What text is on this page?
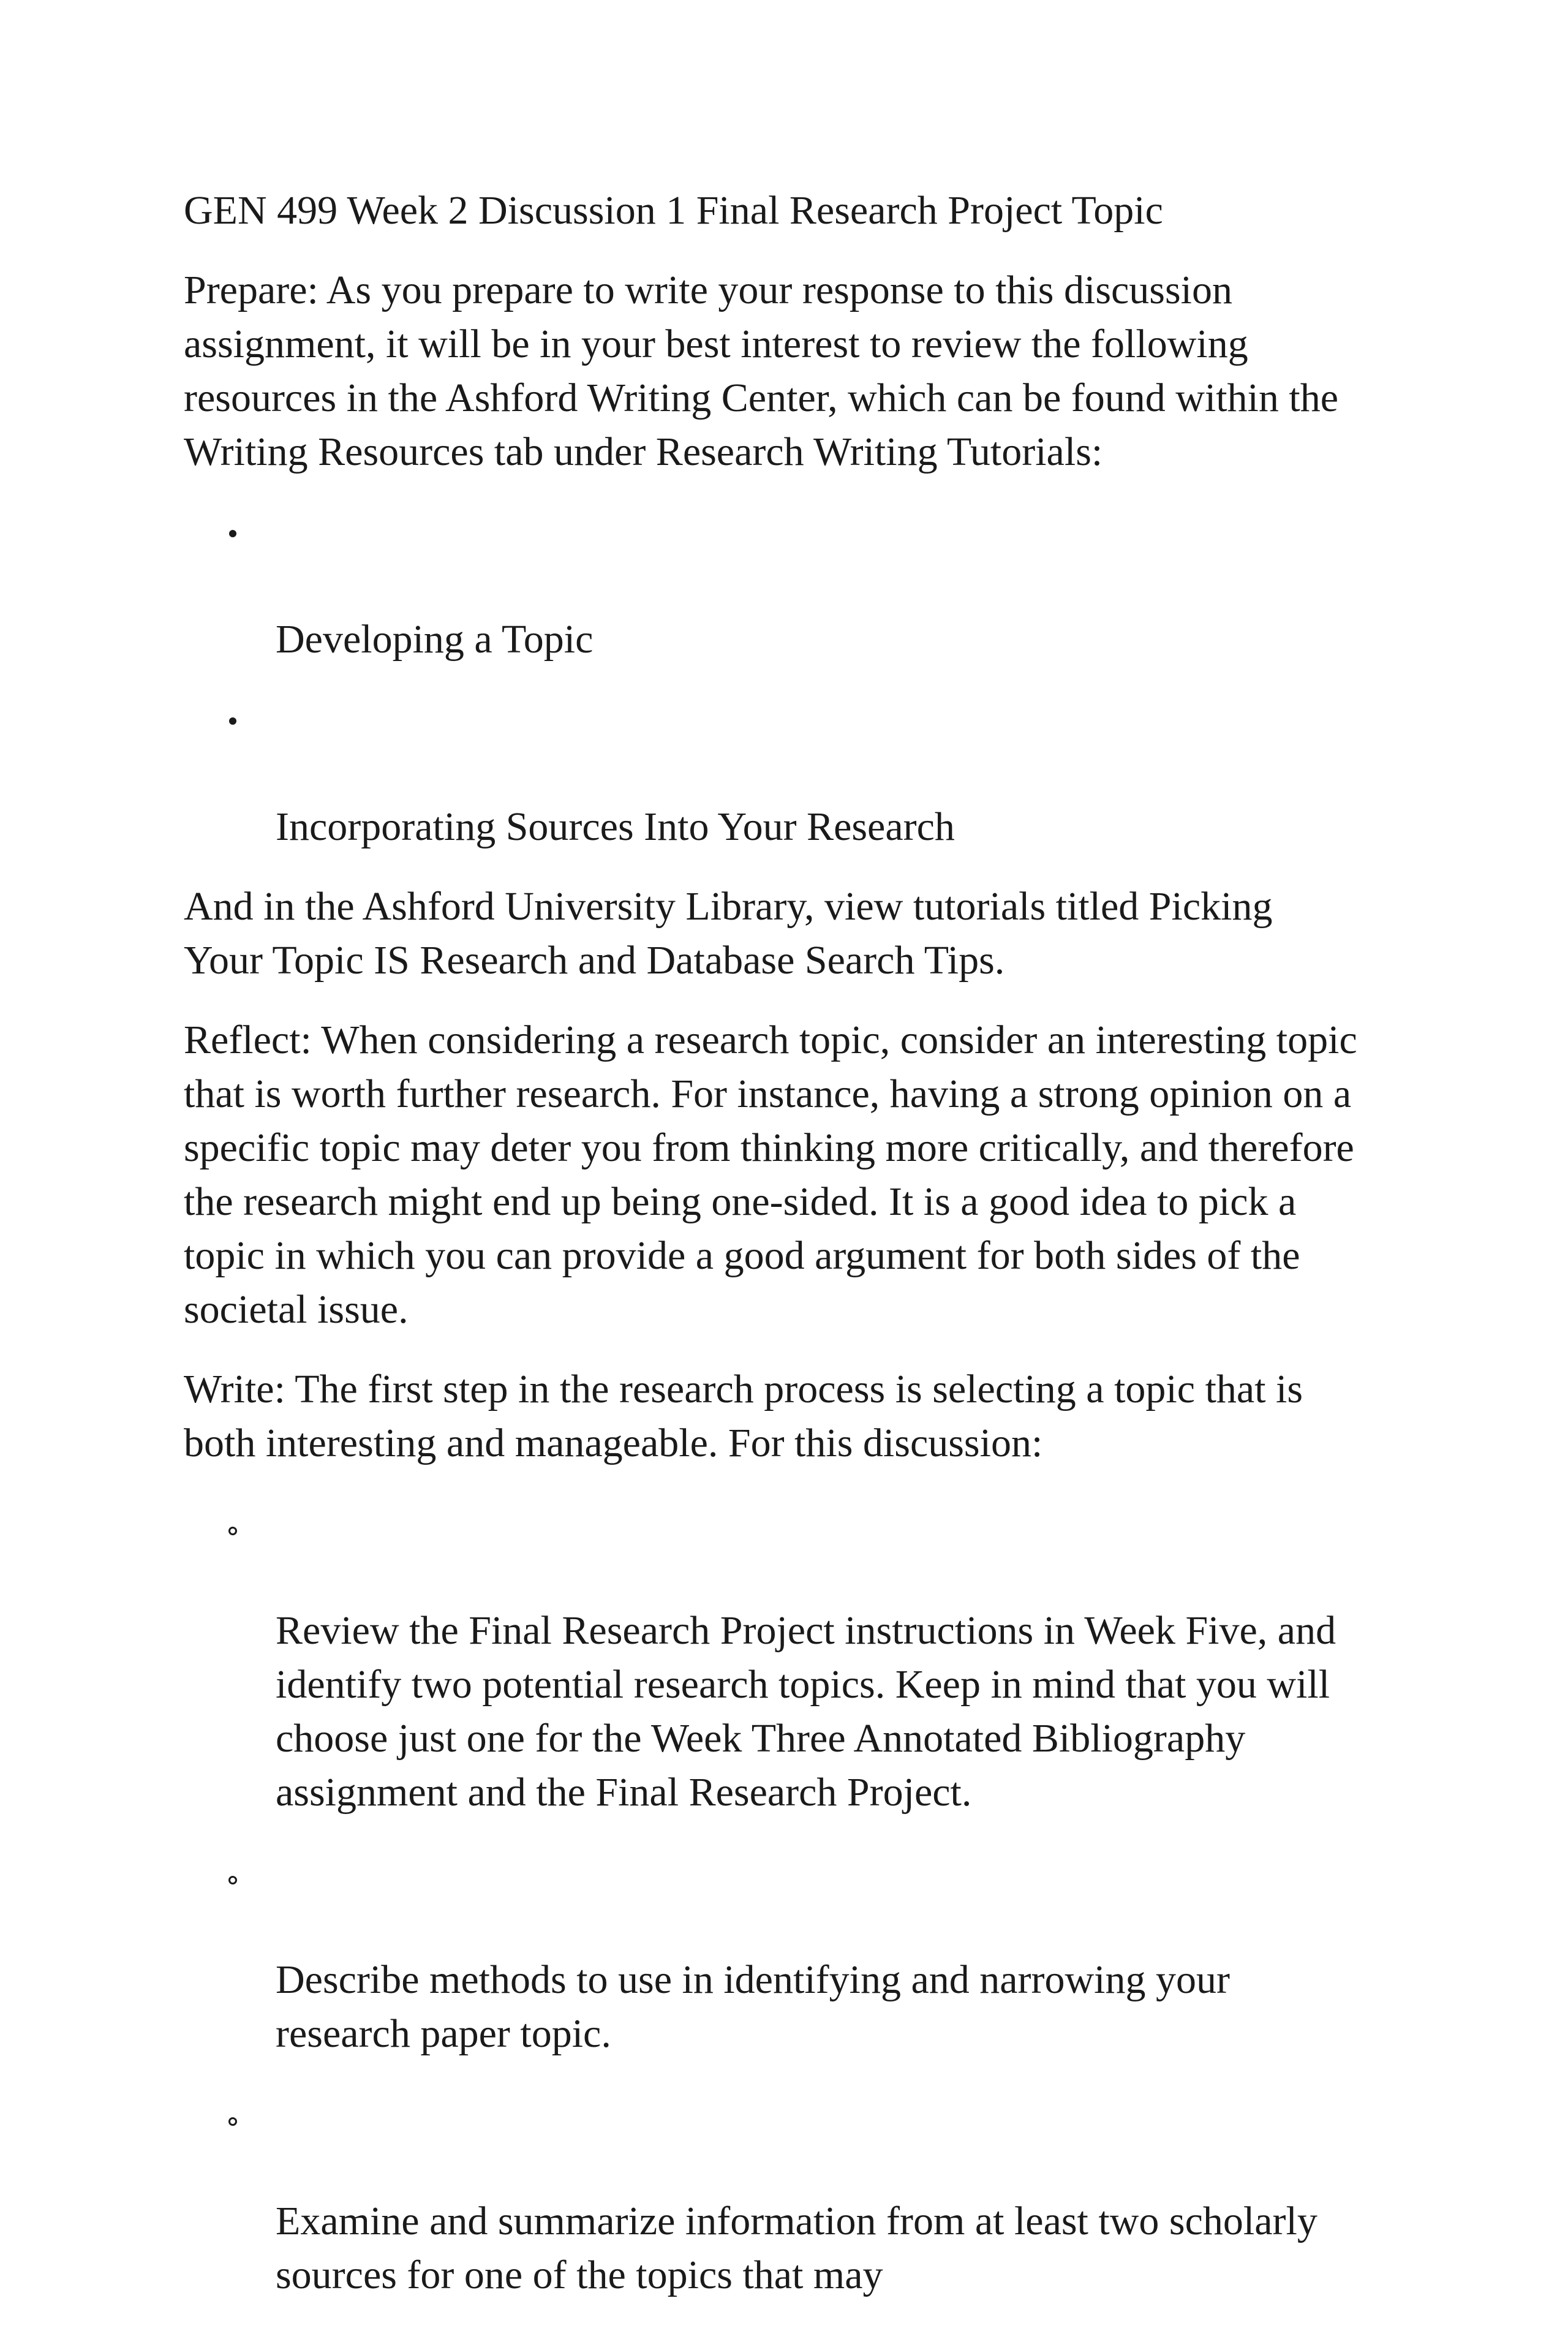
GEN 499 Week 2 Discussion 1 Final Research Project Topic

Prepare: As you prepare to write your response to this discussion
assignment, it will be in your best interest to review the following
resources in the Ashford Writing Center, which can be found within the
Writing Resources tab under Research Writing Tutorials:

Developing a Topic

Incorporating Sources Into Your Research

And in the Ashford University Library, view tutorials titled Picking
Your Topic IS Research and Database Search Tips.

Reflect: When considering a research topic, consider an interesting topic
that is worth further research. For instance, having a strong opinion on a
specific topic may deter you from thinking more critically, and therefore
the research might end up being one-sided. It is a good idea to pick a
topic in which you can provide a good argument for both sides of the
societal issue.

Write: The first step in the research process is selecting a topic that is
both interesting and manageable. For this discussion:

Review the Final Research Project instructions in Week Five, and
identify two potential research topics. Keep in mind that you will
choose just one for the Week Three Annotated Bibliography
assignment and the Final Research Project.

Describe methods to use in identifying and narrowing your
research paper topic.

Examine and summarize information from at least two scholarly
sources for one of the topics that may
